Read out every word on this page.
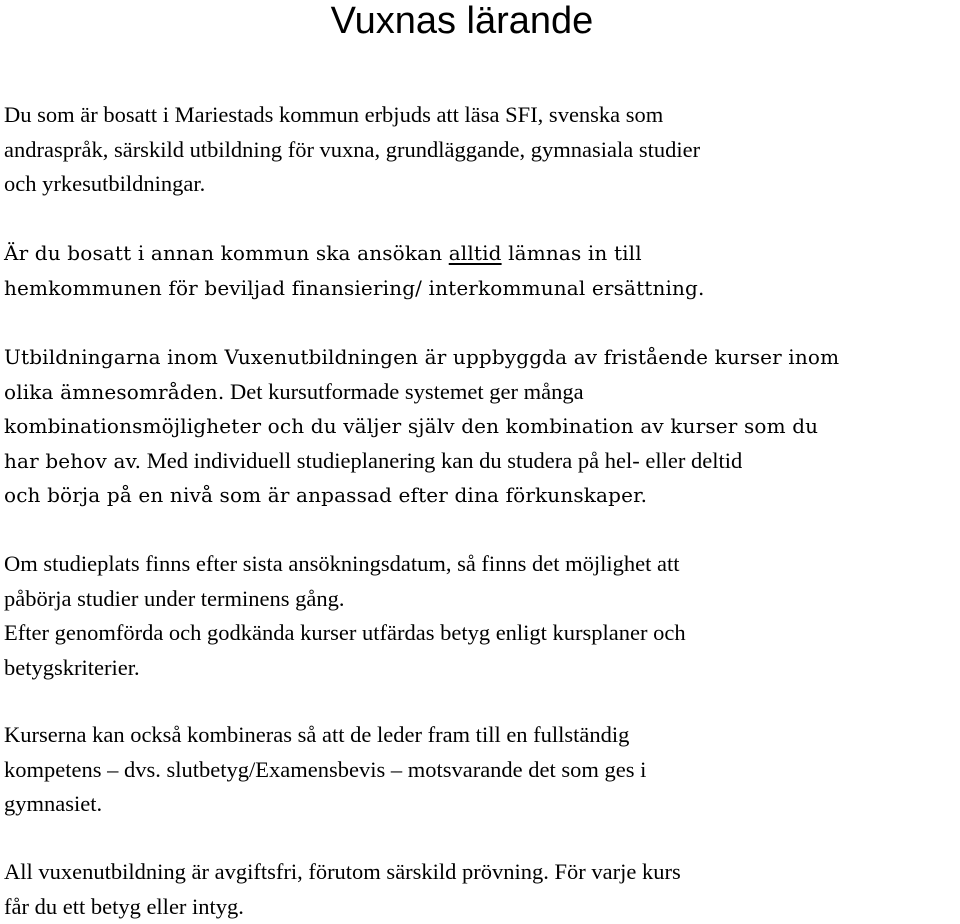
Vuxnas lärande
Du som är bosatt i Mariestads kommun erbjuds att läsa SFI, svenska som
andraspråk, särskild utbildning för vuxna, grundläggande, gymnasiala studier
och yrkesutbildningar.
Är du bosatt i annan kommun ska ansökan alltid lämnas in till
hemkommunen för beviljad finansiering/ interkommunal ersättning.
Utbildningarna inom Vuxenutbildningen är uppbyggda av fristående kurser inom
olika ämnesområden. Det kursutformade systemet ger många
kombinationsmöjligheter och du väljer själv den kombination av kurser som du
har behov av. Med individuell studieplanering kan du studera på hel- eller deltid
och börja på en nivå som är anpassad efter dina förkunskaper.
Om studieplats finns efter sista ansökningsdatum, så finns det möjlighet att
påbörja studier under terminens gång.
Efter genomförda och godkända kurser utfärdas betyg enligt kursplaner och
betygskriterier.
Kurserna kan också kombineras så att de leder fram till en fullständig
kompetens – dvs. slutbetyg/Examensbevis – motsvarande det som ges i
gymnasiet.
All vuxenutbildning är avgiftsfri, förutom särskild prövning. För varje kurs
får du ett betyg eller intyg.
